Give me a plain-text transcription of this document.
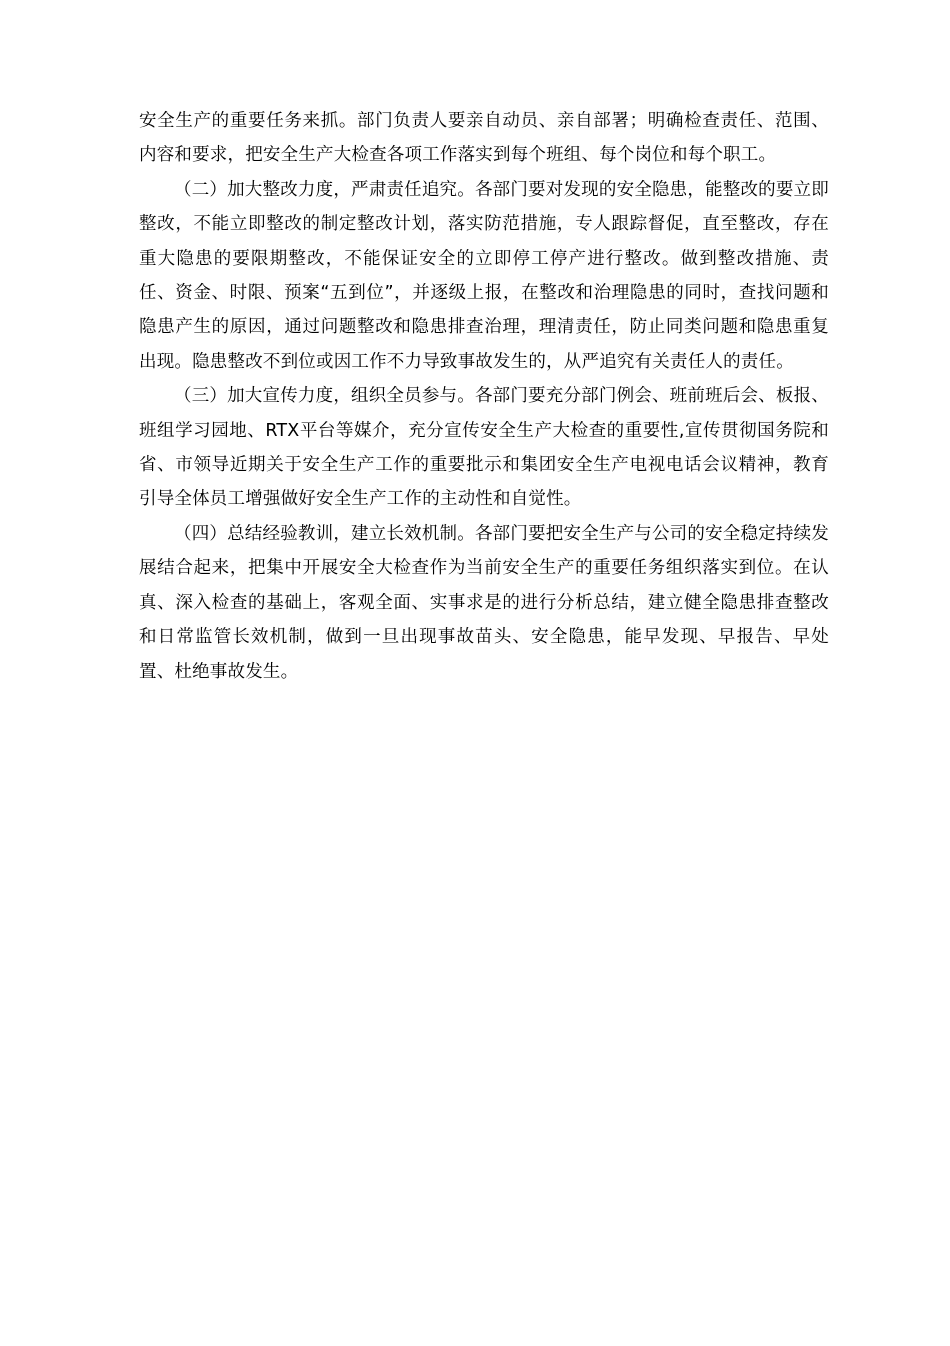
安全生产的重要任务来抓。部门负责人要亲自动员、亲自部署；明确检查责任、范围、内容和要求，把安全生产大检查各项工作落实到每个班组、每个岗位和每个职工。

（二）加大整改力度，严肃责任追究。各部门要对发现的安全隐患，能整改的要立即整改，不能立即整改的制定整改计划，落实防范措施，专人跟踪督促，直至整改，存在重大隐患的要限期整改，不能保证安全的立即停工停产进行整改。做到整改措施、责任、资金、时限、预案“五到位”，并逐级上报，在整改和治理隐患的同时，查找问题和隐患产生的原因，通过问题整改和隐患排查治理，理清责任，防止同类问题和隐患重复出现。隐患整改不到位或因工作不力导致事故发生的，从严追究有关责任人的责任。

（三）加大宣传力度，组织全员参与。各部门要充分部门例会、班前班后会、板报、班组学习园地、RTX平台等媒介，充分宣传安全生产大检查的重要性,宣传贯彻国务院和省、市领导近期关于安全生产工作的重要批示和集团安全生产电视电话会议精神，教育引导全体员工增强做好安全生产工作的主动性和自觉性。

（四）总结经验教训，建立长效机制。各部门要把安全生产与公司的安全稳定持续发展结合起来，把集中开展安全大检查作为当前安全生产的重要任务组织落实到位。在认真、深入检查的基础上，客观全面、实事求是的进行分析总结，建立健全隐患排查整改和日常监管长效机制，做到一旦出现事故苗头、安全隐患，能早发现、早报告、早处置、杜绝事故发生。
